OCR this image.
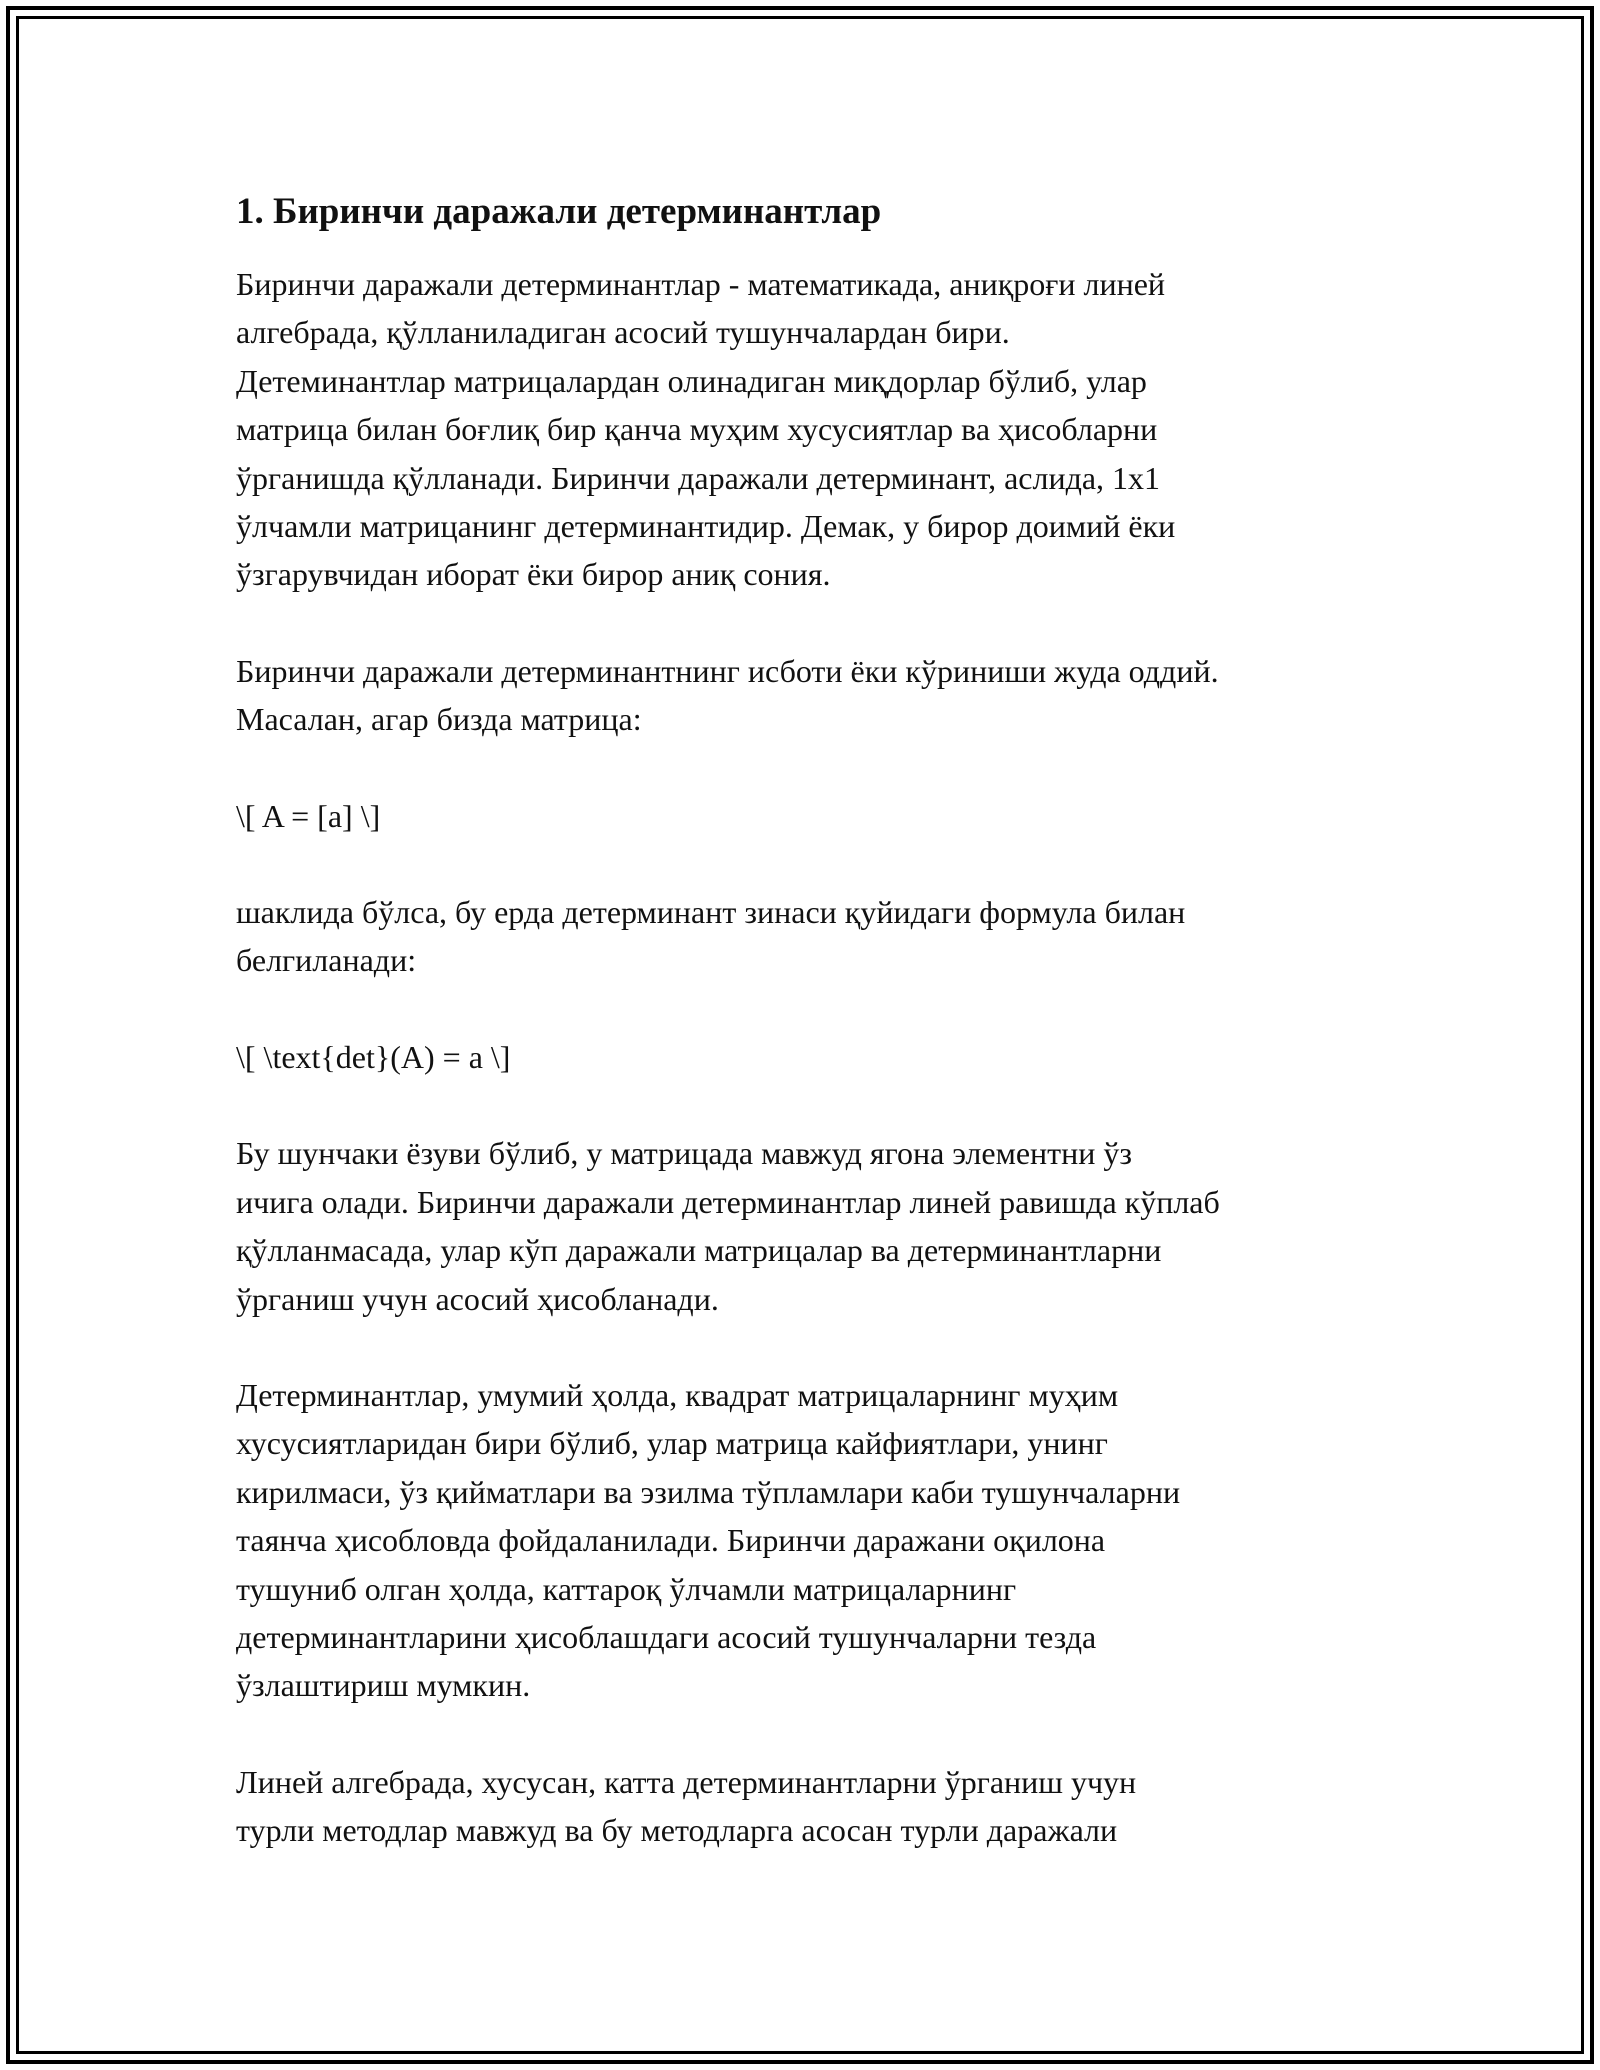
1. Биринчи даражали детерминантлар

Биринчи даражали детерминантлар - математикада, аниқроғи линей
алгебрада, қўлланиладиган асосий тушунчалардан бири.
Детеминантлар матрицалардан олинадиган миқдорлар бўлиб, улар
матрица билан боғлиқ бир қанча муҳим хусусиятлар ва ҳисобларни
ўрганишда қўлланади. Биринчи даражали детерминант, аслида, 1x1
ўлчамли матрицанинг детерминантидир. Демак, у бирор доимий ёки
ўзгарувчидан иборат ёки бирор аниқ сония.

Биринчи даражали детерминантнинг исботи ёки кўриниши жуда оддий.
Масалан, агар бизда матрица:

\[ A = [a] \]

шаклида бўлса, бу ерда детерминант зинаси қуйидаги формула билан
белгиланади:

\[ \text{det}(A) = a \]

Бу шунчаки ёзуви бўлиб, у матрицада мавжуд ягона элементни ўз
ичига олади. Биринчи даражали детерминантлар линей равишда кўплаб
қўлланмасада, улар кўп даражали матрицалар ва детерминантларни
ўрганиш учун асосий ҳисобланади.

Детерминантлар, умумий ҳолда, квадрат матрицаларнинг муҳим
хусусиятларидан бири бўлиб, улар матрица кайфиятлари, унинг
кирилмаси, ўз қийматлари ва эзилма тўпламлари каби тушунчаларни
таянча ҳисобловда фойдаланилади. Биринчи даражани оқилона
тушуниб олган ҳолда, каттароқ ўлчамли матрицаларнинг
детерминантларини ҳисоблашдаги асосий тушунчаларни тезда
ўзлаштириш мумкин.

Линей алгебрада, хусусан, катта детерминантларни ўрганиш учун
турли методлар мавжуд ва бу методларга асосан турли даражали
